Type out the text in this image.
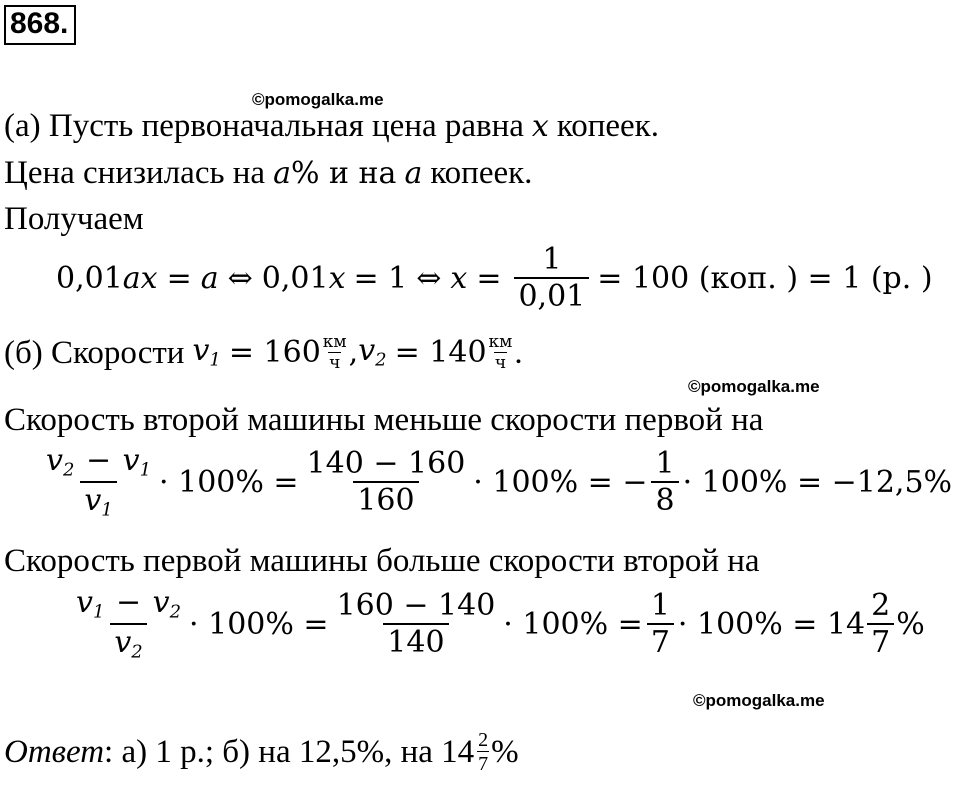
868.
©pomogalka.me
©pomogalka.me
©pomogalka.me
(а) Пусть первоначальная цена равна x копеек.
Цена снизилась на a % и на a копеек.
Получаем
0,01 ax = a ⇔ 0,01 x = 1 ⇔ $x = \frac{1}{0,01} = 100$ (коп. ) = 1 (р. )
(б) Скорости $v_1 = 160 \frac{км}{ч}$ , $v_2 = 140 \frac{км}{ч}$ .
Скорость второй машины меньше скорости первой на
$\frac{v_2 - v_1}{v_1} \cdot 100\% = \frac{140 - 160}{160} \cdot 100\%$ = − $\frac{1}{8} \cdot 100\% = -12,5\%$
Скорость первой машины больше скорости второй на
$\frac{v_1 - v_2}{v_2} \cdot 100\% = \frac{160 - 140}{140} \cdot 100\% = \frac{1}{7} \cdot 100\% = 14 \frac{2}{7}$ %
Ответ : а) 1 р.; б) на 12,5%, на $14 \frac{2}{7}$ %
